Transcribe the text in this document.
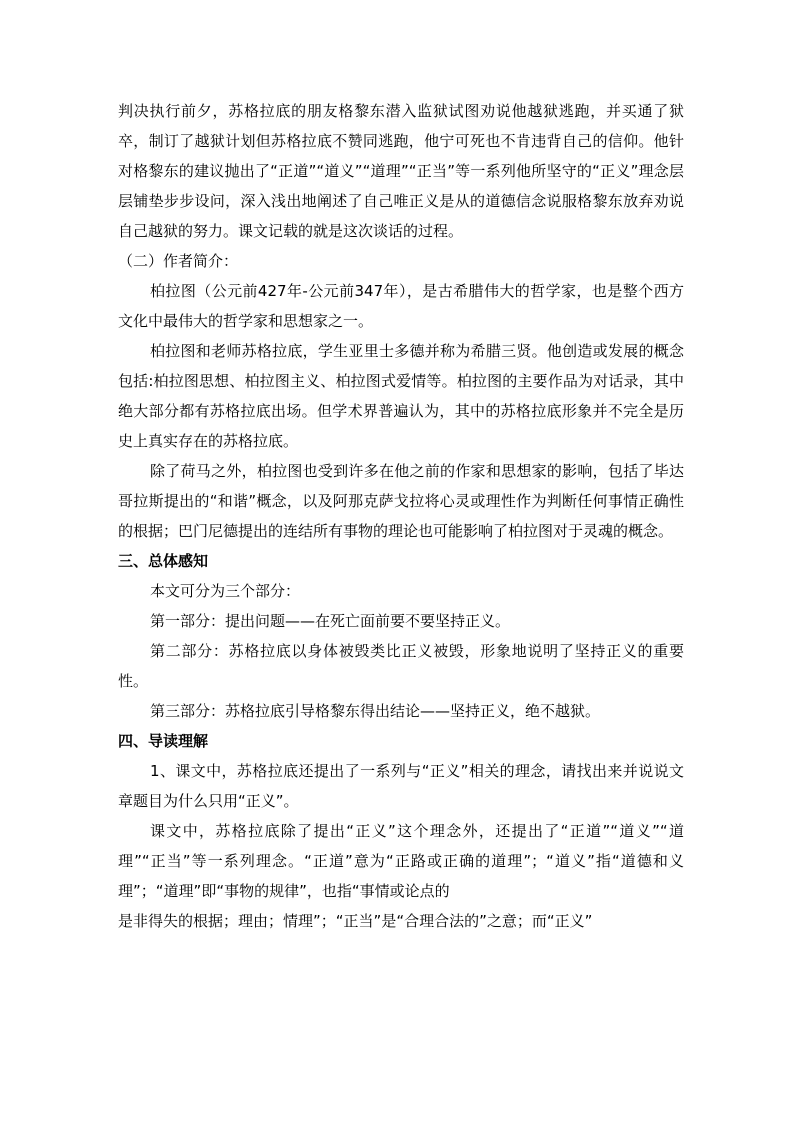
判决执行前夕，苏格拉底的朋友格黎东潜入监狱试图劝说他越狱逃跑，并买通了狱卒，制订了越狱计划但苏格拉底不赞同逃跑，他宁可死也不肯违背自己的信仰。他针对格黎东的建议抛出了“正道”“道义”“道理”“正当”等一系列他所坚守的“正义”理念层层铺垫步步设问，深入浅出地阐述了自己唯正义是从的道德信念说服格黎东放弃劝说自己越狱的努力。课文记载的就是这次谈话的过程。

（二）作者简介：

柏拉图（公元前427年-公元前347年），是古希腊伟大的哲学家，也是整个西方文化中最伟大的哲学家和思想家之一。

柏拉图和老师苏格拉底，学生亚里士多德并称为希腊三贤。他创造或发展的概念包括:柏拉图思想、柏拉图主义、柏拉图式爱情等。柏拉图的主要作品为对话录，其中绝大部分都有苏格拉底出场。但学术界普遍认为，其中的苏格拉底形象并不完全是历史上真实存在的苏格拉底。

除了荷马之外，柏拉图也受到许多在他之前的作家和思想家的影响，包括了毕达哥拉斯提出的“和谐”概念，以及阿那克萨戈拉将心灵或理性作为判断任何事情正确性的根据；巴门尼德提出的连结所有事物的理论也可能影响了柏拉图对于灵魂的概念。

三、总体感知

本文可分为三个部分：

第一部分：提出问题——在死亡面前要不要坚持正义。

第二部分：苏格拉底以身体被毁类比正义被毁，形象地说明了坚持正义的重要性。

第三部分：苏格拉底引导格黎东得出结论——坚持正义，绝不越狱。

四、导读理解

1、课文中，苏格拉底还提出了一系列与“正义”相关的理念，请找出来并说说文章题目为什么只用“正义”。

课文中，苏格拉底除了提出“正义”这个理念外，还提出了“正道”“道义”“道理”“正当”等一系列理念。“正道”意为“正路或正确的道理”；“道义”指“道德和义理”；“道理”即“事物的规律”，也指“事情或论点的
是非得失的根据；理由；情理”；“正当”是“合理合法的”之意；而“正义”
